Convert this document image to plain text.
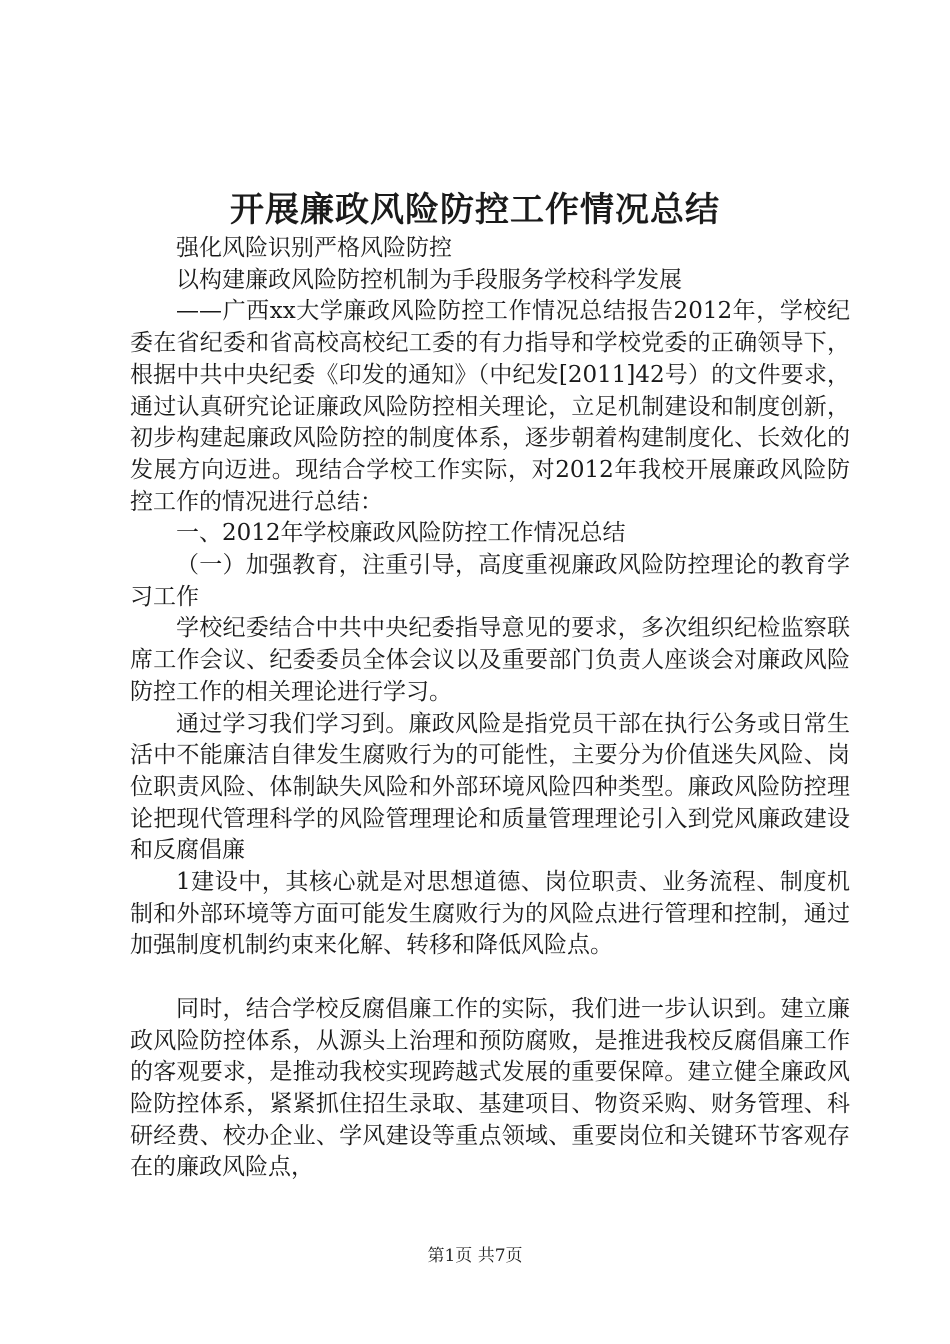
开展廉政风险防控工作情况总结

强化风险识别严格风险防控

以构建廉政风险防控机制为手段服务学校科学发展

——广西xx大学廉政风险防控工作情况总结报告2012年，学校纪委在省纪委和省高校高校纪工委的有力指导和学校党委的正确领导下，根据中共中央纪委《印发的通知》（中纪发[2011]42号）的文件要求，通过认真研究论证廉政风险防控相关理论，立足机制建设和制度创新，初步构建起廉政风险防控的制度体系，逐步朝着构建制度化、长效化的发展方向迈进。现结合学校工作实际，对2012年我校开展廉政风险防控工作的情况进行总结：

一、2012年学校廉政风险防控工作情况总结

（一）加强教育，注重引导，高度重视廉政风险防控理论的教育学习工作

学校纪委结合中共中央纪委指导意见的要求，多次组织纪检监察联席工作会议、纪委委员全体会议以及重要部门负责人座谈会对廉政风险防控工作的相关理论进行学习。

通过学习我们学习到。廉政风险是指党员干部在执行公务或日常生活中不能廉洁自律发生腐败行为的可能性，主要分为价值迷失风险、岗位职责风险、体制缺失风险和外部环境风险四种类型。廉政风险防控理论把现代管理科学的风险管理理论和质量管理理论引入到党风廉政建设和反腐倡廉

1建设中，其核心就是对思想道德、岗位职责、业务流程、制度机制和外部环境等方面可能发生腐败行为的风险点进行管理和控制，通过加强制度机制约束来化解、转移和降低风险点。

同时，结合学校反腐倡廉工作的实际，我们进一步认识到。建立廉政风险防控体系，从源头上治理和预防腐败，是推进我校反腐倡廉工作的客观要求，是推动我校实现跨越式发展的重要保障。建立健全廉政风险防控体系，紧紧抓住招生录取、基建项目、物资采购、财务管理、科研经费、校办企业、学风建设等重点领域、重要岗位和关键环节客观存在的廉政风险点，

第1页 共7页
